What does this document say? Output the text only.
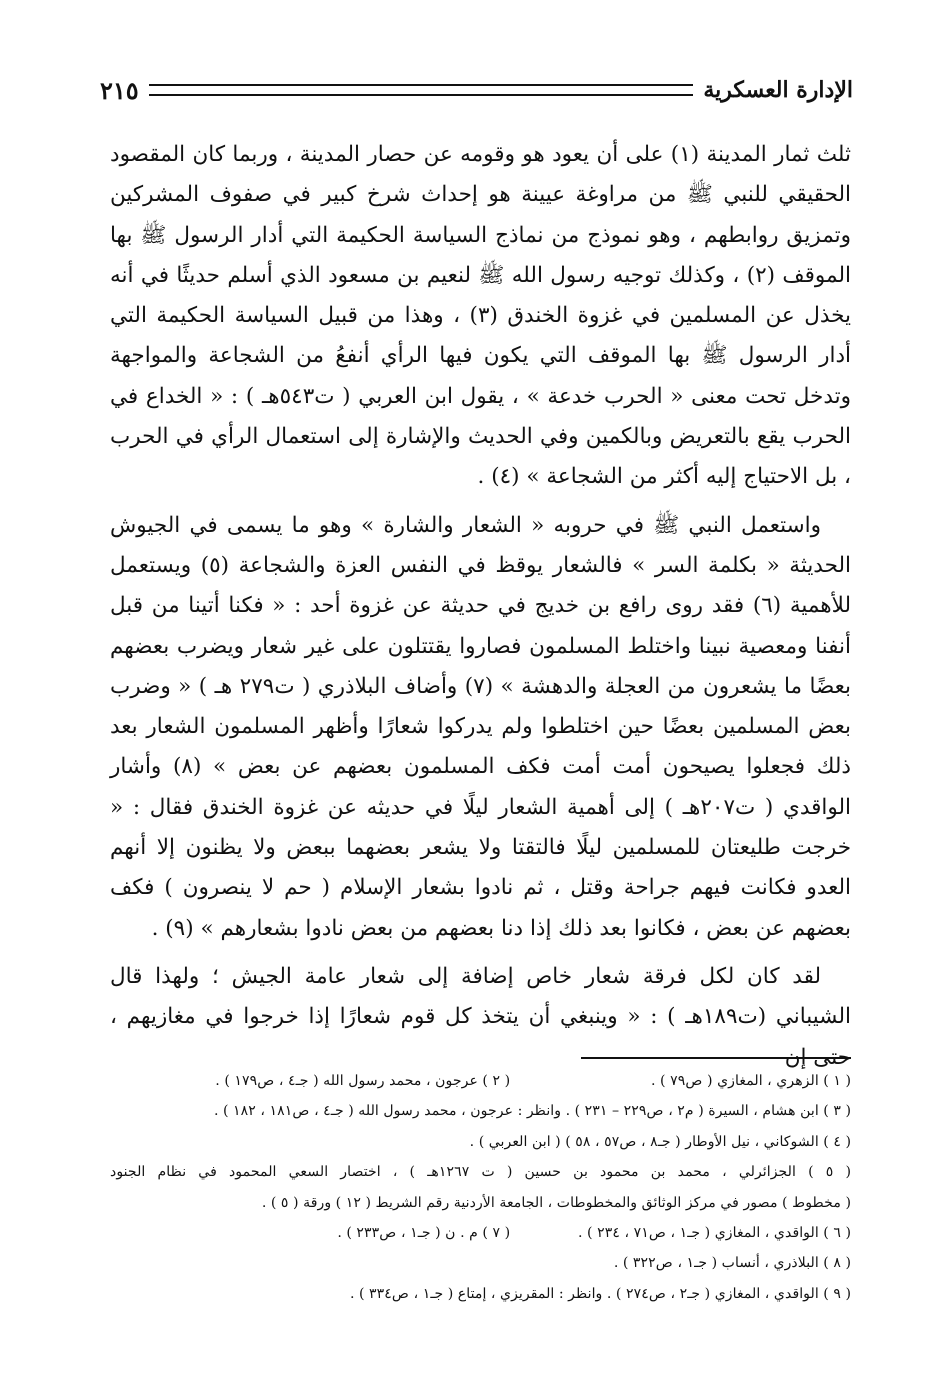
الإدارة العسكرية
٢١٥

ثلث ثمار المدينة (١) على أن يعود هو وقومه عن حصار المدينة ، وربما كان المقصود الحقيقي للنبي ﷺ من مراوغة عيينة هو إحداث شرخ كبير في صفوف المشركين وتمزيق روابطهم ، وهو نموذج من نماذج السياسة الحكيمة التي أدار الرسول ﷺ بها الموقف (٢) ، وكذلك توجيه رسول الله ﷺ لنعيم بن مسعود الذي أسلم حديثًا في أنه يخذل عن المسلمين في غزوة الخندق (٣) ، وهذا من قبيل السياسة الحكيمة التي أدار الرسول ﷺ بها الموقف التي يكون فيها الرأي أنفعُ من الشجاعة والمواجهة وتدخل تحت معنى « الحرب خدعة » ، يقول ابن العربي ( ت٥٤٣هـ ) : « الخداع في الحرب يقع بالتعريض وبالكمين وفي الحديث والإشارة إلى استعمال الرأي في الحرب ، بل الاحتياج إليه أكثر من الشجاعة » (٤) .

واستعمل النبي ﷺ في حروبه « الشعار والشارة » وهو ما يسمى في الجيوش الحديثة « بكلمة السر » فالشعار يوقظ في النفس العزة والشجاعة (٥) ويستعمل للأهمية (٦) فقد روى رافع بن خديج في حديثة عن غزوة أحد : « فكنا أتينا من قبل أنفنا ومعصية نبينا واختلط المسلمون فصاروا يقتتلون على غير شعار ويضرب بعضهم بعضًا ما يشعرون من العجلة والدهشة » (٧) وأضاف البلاذري ( ت٢٧٩ هـ ) « وضرب بعض المسلمين بعضًا حين اختلطوا ولم يدركوا شعارًا وأظهر المسلمون الشعار بعد ذلك فجعلوا يصيحون أمت أمت فكف المسلمون بعضهم عن بعض » (٨) وأشار الواقدي ( ت٢٠٧هـ ) إلى أهمية الشعار ليلًا في حديثه عن غزوة الخندق فقال : « خرجت طليعتان للمسلمين ليلًا فالتقتا ولا يشعر بعضهما ببعض ولا يظنون إلا أنهم العدو فكانت فيهم جراحة وقتل ، ثم نادوا بشعار الإسلام ( حم لا ينصرون ) فكف بعضهم عن بعض ، فكانوا بعد ذلك إذا دنا بعضهم من بعض نادوا بشعارهم » (٩) .

لقد كان لكل فرقة شعار خاص إضافة إلى شعار عامة الجيش ؛ ولهذا قال الشيباني (ت١٨٩هـ ) : « وينبغي أن يتخذ كل قوم شعارًا إذا خرجوا في مغازيهم ، حتى إن

( ١ ) الزهري ، المغازي ( ص٧٩ ) .
( ٢ ) عرجون ، محمد رسول الله ( جـ٤ ، ص١٧٩ ) .
( ٣ ) ابن هشام ، السيرة ( م٢ ، ص٢٢٩ – ٢٣١ ) . وانظر : عرجون ، محمد رسول الله ( جـ٤ ، ص١٨١ ، ١٨٢ ) .
( ٤ ) الشوكاني ، نيل الأوطار ( جـ٨ ، ص٥٧ ، ٥٨ ) ( ابن العربي ) .
( ٥ ) الجزائرلي ، محمد بن محمود بن حسين ( ت ١٢٦٧هـ ) ، اختصار السعي المحمود في نظام الجنود
( مخطوط ) مصور في مركز الوثائق والمخطوطات ، الجامعة الأردنية رقم الشريط ( ١٢ ) ورقة ( ٥ ) .
( ٦ ) الواقدي ، المغازي ( جـ١ ، ص٧١ ، ٢٣٤ ) .
( ٧ ) م . ن ( جـ١ ، ص٢٣٣ ) .
( ٨ ) البلاذري ، أنساب ( جـ١ ، ص٣٢٢ ) .
( ٩ ) الواقدي ، المغازي ( جـ٢ ، ص٢٧٤ ) . وانظر : المقريزي ، إمتاع ( جـ١ ، ص٣٣٤ ) .
